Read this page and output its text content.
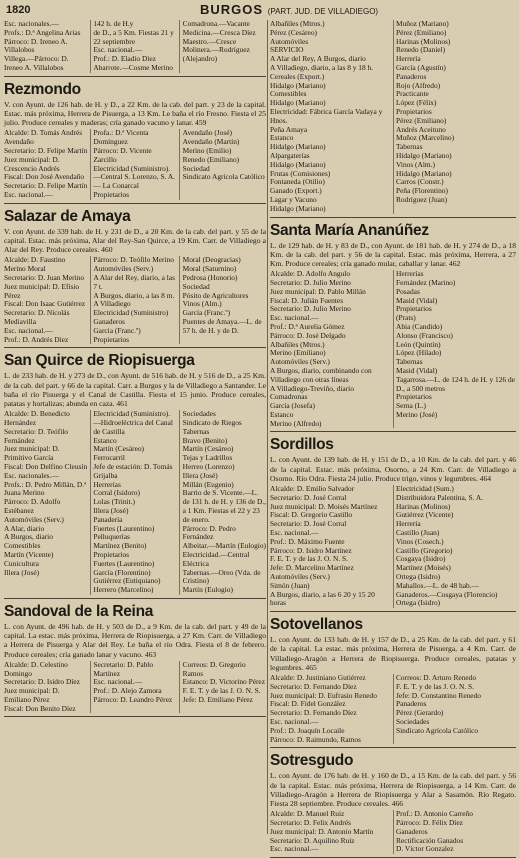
1820	BURGOS (PART. JUD. DE VILLADIEGO)
Esc. nacionales.—
Profs.: D.ª Angelina Arias
Párroco: D. Ireneo A. Villalobos
Villega.—Párroco: D. Ireneo A. Villalobos
142 h. de H.y
de D., a 5 Km. Fiestas 21 y 22 septiembre
Esc. nacional.—
Prof.: D. Eladio Díez
Abarrote.—Cosme Merino
Comadrona.—Vacante
Medicina.—Cresca Díez
Maestro.—Cresce
Molinera.—Rodríguez (Alejandro)
Rezmondo
V. con Ayunt. de 126 hab. de H. y D., a 22 Km. de la cab. del part. y 23 de la capital. Estac. más próxima, Herrera de Pisuerga, a 13 Km. Le baña el río Fresno. Fiesta el 25 julio. Produce cereales y maderas; cría ganado vacuno y lanar. 459
Alcalde: D. Tomás Andrés Avendaño
Secretario: D. Felipe Martín
Juez municipal: D. Crescencio Andrés
Fiscal: Don José Avendaño
Secretario: D. Felipe Martín
Esc. nacional.—
Profa.: D.ª Vicenta Dominguez
Párroco: D. Vicente Zarcillo
Electricidad (Suministro).—Central S. Lorenzo, S. A. — La Conarcal
Propietarios
Avendaño (José)
Avendaño (Martín)
Merino (Emilio)
Renedo (Emiliano)
Sociedad
Sindicato Agrícola Católico
Salazar de Amaya
V. con Ayunt. de 339 hab. de H. y 231 de D., a 20 Km. de la cab. del part. y 55 de la capital. Estac. más próxima, Alar del Rey-San Quirce, a 19 Km. Carr. de Villadiego a Alar del Rey. Produce cereales. 460
Alcalde: D. Faustino Merino Moral
Secretario: D. Juan Merino
Juez municipal: D. Efisio Pérez
Fiscal: Don Isaac Gutiérrez
Secretario: D. Nicolás Mediavilla
Esc. nacional.—
Prof.: D. Andrés Díez
Párroco: D. Teófilo Merino
Automóviles (Serv.)
A Alar del Rey, diario, a las 7 t.
A Burgos, diario, a las 8 m.
A Villadiego
Electricidad (Suministro)
Ganaderos
Garcia (Franc.º)
Propietarios
Moral (Deogracias)
Moral (Saturnino)
Pedrosa (Honorio)
Sociedad
Pósito de Agricultores
Vinos (Alm.)
García (Franc.º)
Puentes de Amaya.—L. de 57 h. de H. y de D.
San Quirce de Riopisuerga
L. de 233 hab. de H. y 273 de D., con Ayunt. de 516 hab. de H. y 516 de D., a 25 Km. de la cab. del part. y 66 de la capital. Carr. a Burgos y la de Villadiego a Santander. Le baña el río Pisuerga y el Canal de Castilla. Fiesta el 15 junio. Produce cereales, patatas y hortalizas; abunda en caza. 461
Alcalde: D. Benedicto Hernández
Secretario: D. Teófilo Fernández
Juez municipal: D. Primitivo García
Fiscal: Don Delfino Cleusín
Esc. nacionales.—
Profs.: D. Pedro Millán, D.ª Juana Merino
Párroco: D. Adolfo Estébanez
Automóviles (Serv.)
A Alar, diario
A Burgos, diario
Comestibles
Martín (Vicente)
Cunicultura
Illera (José)
Electricidad (Suministro).—Hidroeléctrica del Canal de Castilla
Estanco
Martín (Cesáreo)
Ferrocarril
Jefe de estación: D. Tomás Grijalba
Herrerías
Corral (Isidoro)
Lolas (Trinit.)
Illera (José)
Panadería
Fuertes (Laurentino)
Pelluquerías
Martínez (Benito)
Propietarios
Fuertes (Laurentino)
García (Florentino)
Gutiérrez (Eutiquiano)
Herrero (Marcelino)
Sociedades
Sindicato de Riegos
Tabernas
Bravo (Benito)
Martín (Cesáreo)
Tejas y Ladrillos
Herreo (Lorenzo)
Illera (José)
Millán (Eugenio)
Barrio de S. Vicente.—L. de 131 h. de H. y 136 de D., a 1 Km. Fiestas el 22 y 23 de enero.
Párroco: D. Pedro Fernández
Albeitar.—Martín (Eulogio)
Electricidad.—Central Eléctrica
Tabernas.—Oreo (Vda. de Cristino)
Martín (Eulogio)
Sandoval de la Reina
L. con Ayunt. de 496 hab. de H. y 503 de D., a 9 Km. de la cab. del part. y 49 de la capital. La estac. más próxima, Herrera de Riopisuerga, a 27 Km. Carr. de Villadiego a Herrera de Pisuerga y Alar del Rey. Le baña el río Odra. Fiesta el 8 de febrero. Produce cereales; cría ganado lanar y vacuno. 463
Alcalde: D. Celestino Domingo
Secretario: D. Isidro Díez
Juez municipal: D. Emiliano Pérez
Fiscal: Don Benito Díez
Secretario: D. Pablo Martínez
Esc. nacional.—
Prof.: D. Alejo Zamora
Párroco: D. Leandro Pérez
Correos: D. Gregorio Ramos
Estanco: D. Victorino Pérez
F. E. T. y de las J. O. N. S.
Jefe: D. Emiliano Pérez
Albañiles (Mtros.)
Pérez (Cesáreo)
Automóviles
SERVICIO
A Alar del Rey, A Burgos, diario
A Villadiego, diario, a las 8 y 18 h.
Cereales (Export.)
Hidalgo (Mariano)
Comestibles
Hidalgo (Mariano)
Electricidad: Fábrica García Vadaya y Hnos.
Peña Amaya
Estanco
Hidalgo (Mariano)
Alpargaterías
Hidalgo (Mariano)
Frutas (Comisiones)
Fontaneda (Otilio)
Ganado (Export.)
Lagar y Vacuno
Hidalgo (Mariano)
Muñoz (Mariano)
Pérez (Emiliano)
Harinas (Molinos)
Renedo (Daniel)
Herrería
García (Agustín)
Panaderos
Rojo (Alfredo)
Practicante
López (Félix)
Propietarios
Pérez (Emiliano)
Andrés Aceituno
Muñoz (Marcelino)
Tabernas
Hidalgo (Mariano)
Vinos (Alm.)
Hidalgo (Mariano)
Carros (Constr.)
Peña (Florentino)
Rodríguez (Juan)
Santa María Ananúñez
L. de 129 hab. de H. y 83 de D., con Ayunt. de 181 hab. de H. y 274 de D., a 18 Km. de la cab. del part. y 56 de la capital. Estac. más próxima, Herrera, a 27 Km. Produce cereales; cría ganado mular, caballar y lanar. 462
Alcalde: D. Adolfo Angulo
Secretario: D. Julio Merino
Juez municipal: D. Pablo Millán
Fiscal: D. Julián Fuentes
Secretario: D. Julio Merino
Esc. nacional.—
Prof.: D.ª Aurelia Gómez
Párroco: D. José Delgado
Albañiles (Mtros.)
Merino (Emiliano)
Automóviles (Serv.)
A Burgos, diario, combinando con Villadiego con otras líneas
A Villadiego-Treviño, diario
Comadronas
García (Josefa)
Estanco
Merino (Alfredo)
Herrerías
Fernández (Marino)
Posadas
Masid (Vidal)
Propietarios
(Prats)
Abia (Candido)
Alonso (Francisco)
León (Quintín)
López (Hilado)
Tabernas
Masid (Vidal)
Tagarrosa.—L. de 124 h. de H. y 126 de D., a 500 metros
Propietarios
Serna (L.)
Merino (José)
Sordillos
L. con Ayunt. de 139 hab. de H. y 151 de D., a 10 Km. de la cab. del part. y 46 de la capital. Estac. más próxima, Osorno, a 24 Km. Carr. de Villadiego a Osorno. Río Odra. Fiesta 24 julio. Produce trigo, vinos y legumbres. 464
Alcalde: D. Emilio Salvador
Secretario: D. José Corral
Juez municipal: D. Moisés Martínez
Fiscal: D. Gregorio Castillo
Secretario: D. José Corral
Esc. nacional.—
Prof.: D. Máximo Fuente
Párroco: D. Isidro Martínez
F. E. T. y de las J. O. N. S.
Jefe: D. Marcelino Martínez
Automóviles (Serv.)
Simón (Juan)
A Burgos, diario, a las 6 20 y 15 20 horas
Electricidad (Sum.)
Distribuidora Palentina, S. A.
Harinas (Molinos)
Gutiérrez (Vicente)
Herrería
Castillo (Juan)
Vinos (Cosech.)
Castillo (Gregorio)
Cosgaya (Isidro)
Martínez (Moisés)
Ortega (Isidro)
Mahallos.—L. de 48 hab.—
Ganaderos.—Cosgaya (Florencio)
Ortega (Isidro)
Sotovellanos
L. con Ayunt. de 133 hab. de H. y 157 de D., a 25 Km. de la cab. del part. y 61 de la capital. La estac. más próxima, Herrera de Pisuerga, a 4 Km. Carr. de Villadiego-Aragón a Herrera de Riopisuerga. Produce cereales, patatas y legumbres. 465
Alcalde: D. Justiniano Gutiérrez
Secretario: D. Fernando Díez
Juez municipal: D. Eufrasio Renedo
Fiscal: D. Fidel González
Secretario: D. Fernando Díez
Esc. nacional.—
Prof.: D. Joaquín Locaile
Párroco: D. Raimundo, Ramos
Correos: D. Arturo Renedo
F. E. T. y de las J. O. N. S.
Jefe: D. Constantino Renedo
Panaderos
Pérez (Gerardo)
Sociedades
Sindicato Agrícola Católico
Sotresgudo
L. con Ayunt. de 176 hab. de H. y 160 de D., a 15 Km. de la cab. del part. y 56 de la capital. Estac. más próxima, Herrera de Riopisuerga, a 14 Km. Carr. de Villadiego-Aragón a Herrera de Riopisuerga y Alar a Sasamón. Río Regato. Fiesta 28 septiembre. Produce cereales. 466
Alcalde: D. Manuel Ruiz
Secretario: D. Felix Andrés
Juez municipal: D. Antonio Martín
Secretario: D. Aquilino Ruiz
Esc. nacional.—
Prof.: D. Antonio Carreño
Párroco: D. Félix Díez
Ganaderos
Rectificación Ganados
D. Víctor Gonzalez
